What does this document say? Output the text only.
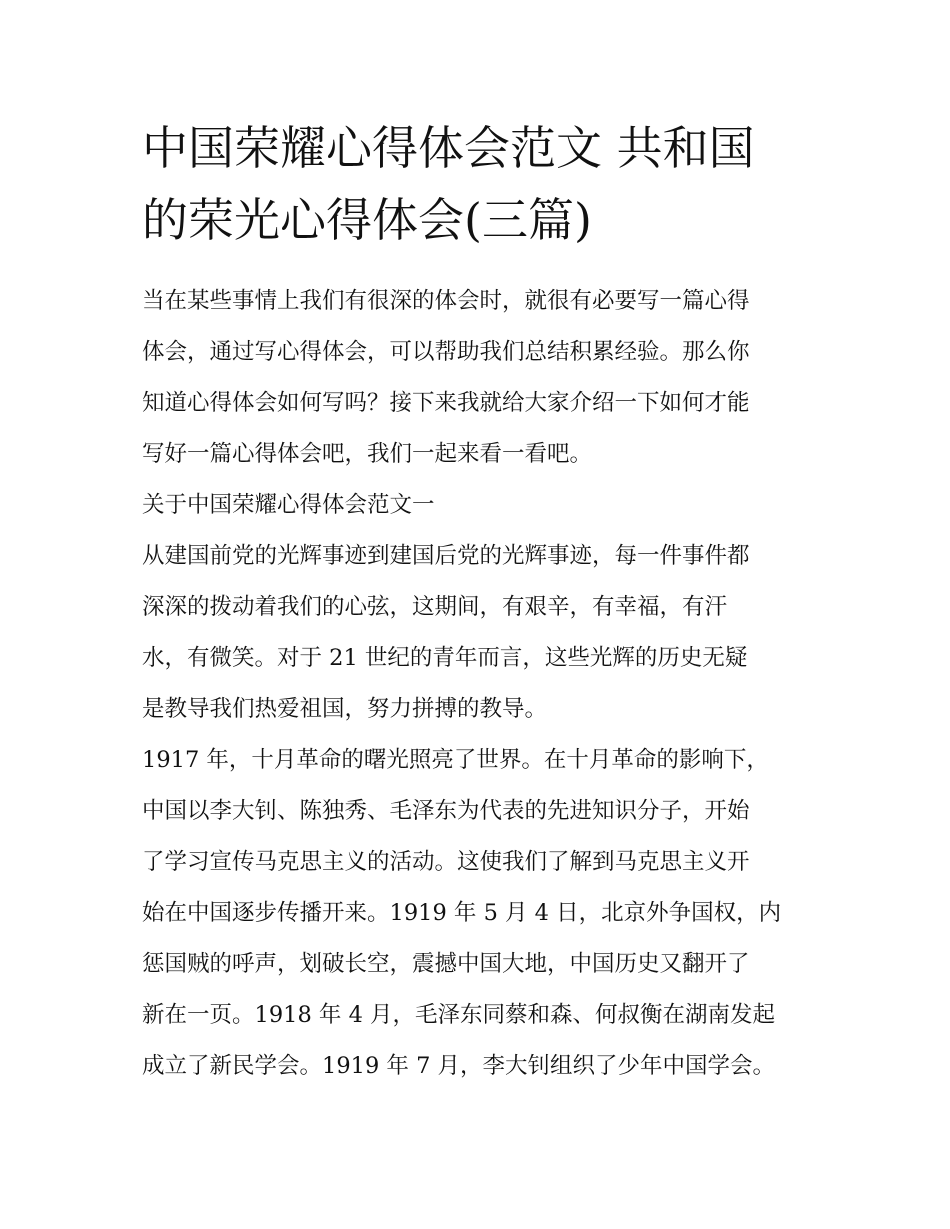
中国荣耀心得体会范文 共和国
的荣光心得体会(三篇)
当在某些事情上我们有很深的体会时，就很有必要写一篇心得
体会，通过写心得体会，可以帮助我们总结积累经验。那么你
知道心得体会如何写吗？接下来我就给大家介绍一下如何才能
写好一篇心得体会吧，我们一起来看一看吧。
关于中国荣耀心得体会范文一
从建国前党的光辉事迹到建国后党的光辉事迹，每一件事件都
深深的拨动着我们的心弦，这期间，有艰辛，有幸福，有汗
水，有微笑。对于 21 世纪的青年而言，这些光辉的历史无疑
是教导我们热爱祖国，努力拼搏的教导。
1917 年，十月革命的曙光照亮了世界。在十月革命的影响下，
中国以李大钊、陈独秀、毛泽东为代表的先进知识分子，开始
了学习宣传马克思主义的活动。这使我们了解到马克思主义开
始在中国逐步传播开来。1919 年 5 月 4 日，北京外争国权，内
惩国贼的呼声，划破长空，震撼中国大地，中国历史又翻开了
新在一页。1918 年 4 月，毛泽东同蔡和森、何叔衡在湖南发起
成立了新民学会。1919 年 7 月，李大钊组织了少年中国学会。
